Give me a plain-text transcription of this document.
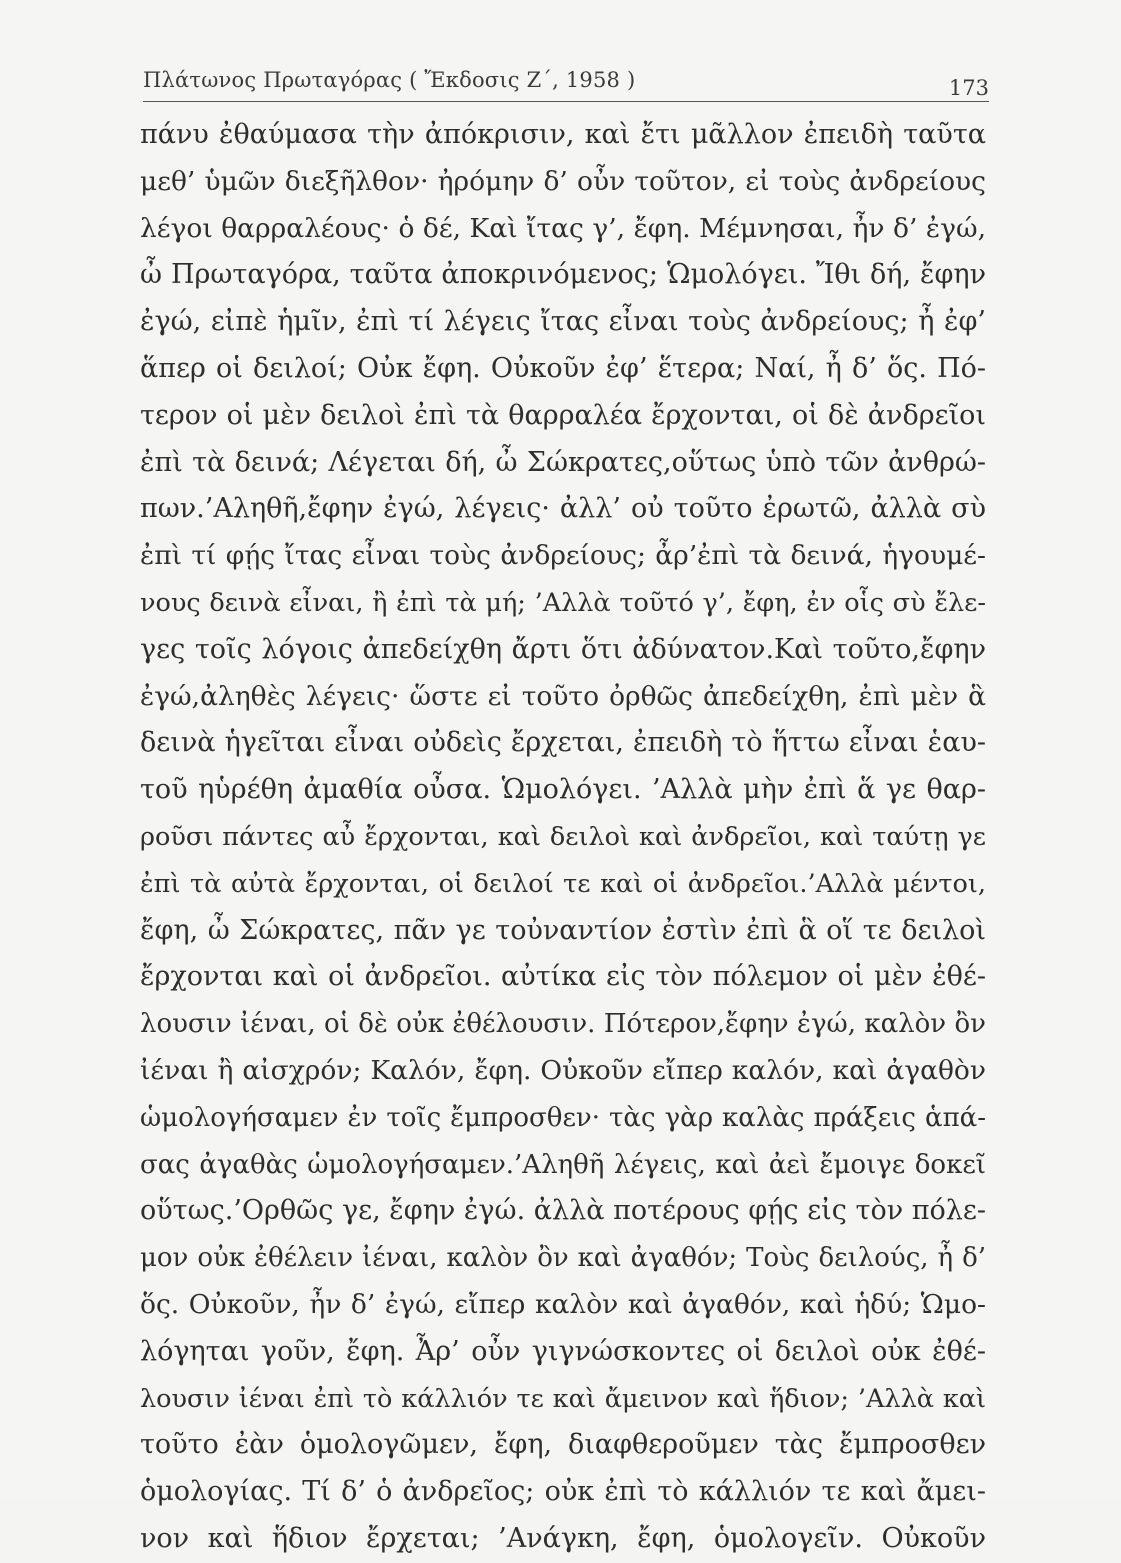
Πλάτωνος Πρωταγόρας ( Ἔκδοσις Ζ΄, 1958 )	173
πάνυ ἐθαύμασα τὴν ἀπόκρισιν, καὶ ἔτι μᾶλλον ἐπειδὴ ταῦτα
μεθ’ ὑμῶν διεξῆλθον· ἠρόμην δ’ οὖν τοῦτον, εἰ τοὺς ἀνδρείους
λέγοι θαρραλέους· ὁ δέ, Καὶ ἴτας γ’, ἔφη. Μέμνησαι, ἦν δ’ ἐγώ,
ὦ Πρωταγόρα, ταῦτα ἀποκρινόμενος; Ὡμολόγει. Ἴθι δή, ἔφην
ἐγώ, εἰπὲ ἡμῖν, ἐπὶ τί λέγεις ἴτας εἶναι τοὺς ἀνδρείους; ἦ ἐφ’
ἅπερ οἱ δειλοί; Οὐκ ἔφη. Οὐκοῦν ἐφ’ ἕτερα; Ναί, ἦ δ’ ὅς. Πό-
τερον οἱ μὲν δειλοὶ ἐπὶ τὰ θαρραλέα ἔρχονται, οἱ δὲ ἀνδρεῖοι
ἐπὶ τὰ δεινά; Λέγεται δή, ὦ Σώκρατες,οὕτως ὑπὸ τῶν ἀνθρώ-
πων.’Αληθῆ,ἔφην ἐγώ, λέγεις· ἀλλ’ οὐ τοῦτο ἐρωτῶ, ἀλλὰ σὺ
ἐπὶ τί φῄς ἴτας εἶναι τοὺς ἀνδρείους; ἆρ’ἐπὶ τὰ δεινά, ἡγουμέ-
νους δεινὰ εἶναι, ἢ ἐπὶ τὰ μή; ’Αλλὰ τοῦτό γ’, ἔφη, ἐν οἷς σὺ ἔλε-
γες τοῖς λόγοις ἀπεδείχθη ἄρτι ὅτι ἀδύνατον.Καὶ τοῦτο,ἔφην
ἐγώ,ἀληθὲς λέγεις· ὥστε εἰ τοῦτο ὀρθῶς ἀπεδείχθη, ἐπὶ μὲν ἃ
δεινὰ ἡγεῖται εἶναι οὐδεὶς ἔρχεται, ἐπειδὴ τὸ ἥττω εἶναι ἑαυ-
τοῦ ηὑρέθη ἀμαθία οὖσα. Ὡμολόγει. ’Αλλὰ μὴν ἐπὶ ἅ γε θαρ-
ροῦσι πάντες αὖ ἔρχονται, καὶ δειλοὶ καὶ ἀνδρεῖοι, καὶ ταύτῃ γε
ἐπὶ τὰ αὐτὰ ἔρχονται, οἱ δειλοί τε καὶ οἱ ἀνδρεῖοι.’Αλλὰ μέντοι,
ἔφη, ὦ Σώκρατες, πᾶν γε τοὐναντίον ἐστὶν ἐπὶ ἃ οἵ τε δειλοὶ
ἔρχονται καὶ οἱ ἀνδρεῖοι. αὐτίκα εἰς τὸν πόλεμον οἱ μὲν ἐθέ-
λουσιν ἰέναι, οἱ δὲ οὐκ ἐθέλουσιν. Πότερον,ἔφην ἐγώ, καλὸν ὂν
ἰέναι ἢ αἰσχρόν; Καλόν, ἔφη. Οὐκοῦν εἴπερ καλόν, καὶ ἀγαθὸν
ὡμολογήσαμεν ἐν τοῖς ἔμπροσθεν· τὰς γὰρ καλὰς πράξεις ἁπά-
σας ἀγαθὰς ὡμολογήσαμεν.’Αληθῆ λέγεις, καὶ ἀεὶ ἔμοιγε δοκεῖ
οὕτως.’Ορθῶς γε, ἔφην ἐγώ. ἀλλὰ ποτέρους φῄς εἰς τὸν πόλε-
μον οὐκ ἐθέλειν ἰέναι, καλὸν ὂν καὶ ἀγαθόν; Τοὺς δειλούς, ἦ δ’
ὅς. Οὐκοῦν, ἦν δ’ ἐγώ, εἴπερ καλὸν καὶ ἀγαθόν, καὶ ἡδύ; Ὡμο-
λόγηται γοῦν, ἔφη. Ἆρ’ οὖν γιγνώσκοντες οἱ δειλοὶ οὐκ ἐθέ-
λουσιν ἰέναι ἐπὶ τὸ κάλλιόν τε καὶ ἄμεινον καὶ ἥδιον; ’Αλλὰ καὶ
τοῦτο ἐὰν ὁμολογῶμεν, ἔφη, διαφθεροῦμεν τὰς ἔμπροσθεν
ὁμολογίας. Τί δ’ ὁ ἀνδρεῖος; οὐκ ἐπὶ τὸ κάλλιόν τε καὶ ἄμει-
νον καὶ ἥδιον ἔρχεται; ’Ανάγκη, ἔφη, ὁμολογεῖν. Οὐκοῦν
